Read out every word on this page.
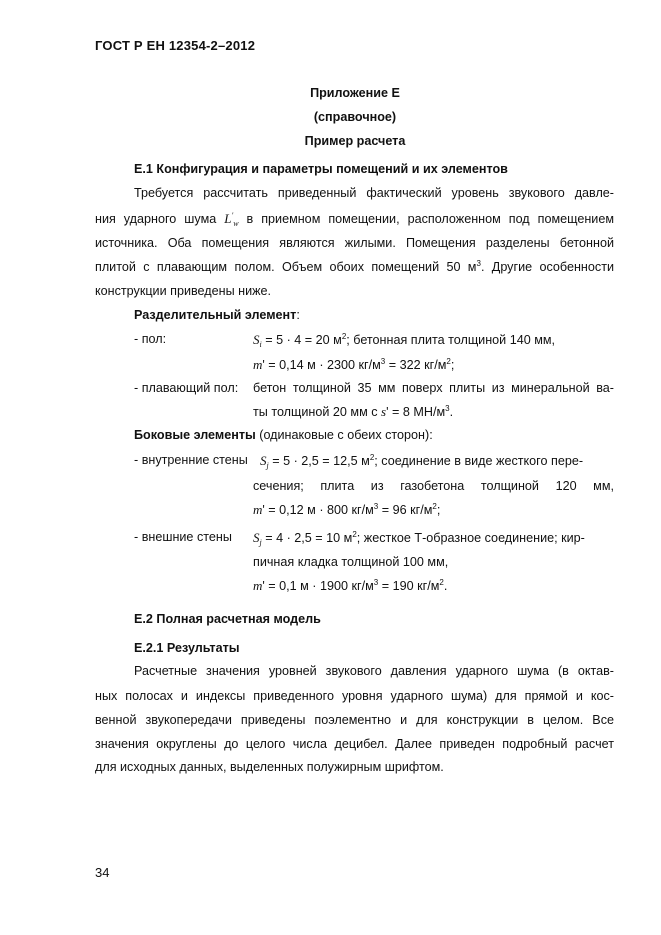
ГОСТ Р ЕН 12354-2–2012
Приложение Е
(справочное)
Пример расчета
Е.1 Конфигурация и параметры помещений и их элементов
Требуется рассчитать приведенный фактический уровень звукового давле-
ния ударного шума $L'_w$ в приемном помещении, расположенном под помещением
источника. Оба помещения являются жилыми. Помещения разделены бетонной
плитой с плавающим полом. Объем обоих помещений 50 $м^3$. Другие особенности
конструкции приведены ниже.
Разделительный элемент:
- пол:	$S_i = 5 \cdot 4 = 20$ $м^2$; бетонная плита толщиной 140 мм,
m' = 0,14 м · 2300 $кг/м^3 = 322$ $кг/м^2$;
- плавающий пол: бетон толщиной 35 мм поверх плиты из минеральной ва-
ты толщиной 20 мм с s' = 8 $МН/м^3$.
Боковые элементы (одинаковые с обеих сторон):
- внутренние стены $S_j = 5 \cdot 2,5 = 12,5$ $м^2$; соединение в виде жесткого пере-
сечения; плита из газобетона толщиной 120 мм,
m' = 0,12 м · 800 $кг/м^3 = 96$ $кг/м^2$;
- внешние стены $S_j = 4 \cdot 2,5 = 10$ $м^2$; жесткое Т-образное соединение; кир-
пичная кладка толщиной 100 мм,
m' = 0,1 м · 1900 $кг/м^3 = 190$ $кг/м^2$.
Е.2 Полная расчетная модель
Е.2.1 Результаты
Расчетные значения уровней звукового давления ударного шума (в октав-
ных полосах и индексы приведенного уровня ударного шума) для прямой и кос-
венной звукопередачи приведены поэлементно и для конструкции в целом. Все
значения округлены до целого числа децибел. Далее приведен подробный расчет
для исходных данных, выделенных полужирным шрифтом.
34
